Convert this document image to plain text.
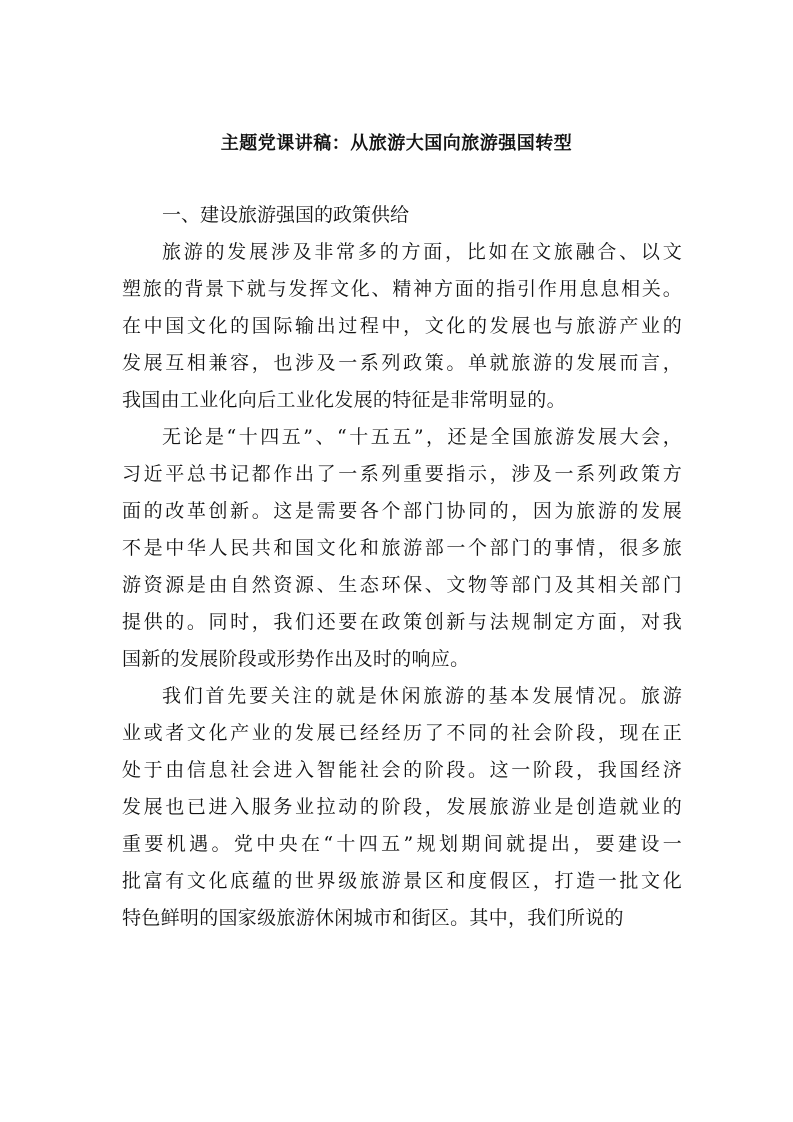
主题党课讲稿：从旅游大国向旅游强国转型
一、建设旅游强国的政策供给
旅游的发展涉及非常多的方面，比如在文旅融合、以文
塑旅的背景下就与发挥文化、精神方面的指引作用息息相关。
在中国文化的国际输出过程中，文化的发展也与旅游产业的
发展互相兼容，也涉及一系列政策。单就旅游的发展而言，
我国由工业化向后工业化发展的特征是非常明显的。
无论是“十四五”、“十五五”，还是全国旅游发展大会，
习近平总书记都作出了一系列重要指示，涉及一系列政策方
面的改革创新。这是需要各个部门协同的，因为旅游的发展
不是中华人民共和国文化和旅游部一个部门的事情，很多旅
游资源是由自然资源、生态环保、文物等部门及其相关部门
提供的。同时，我们还要在政策创新与法规制定方面，对我
国新的发展阶段或形势作出及时的响应。
我们首先要关注的就是休闲旅游的基本发展情况。旅游
业或者文化产业的发展已经经历了不同的社会阶段，现在正
处于由信息社会进入智能社会的阶段。这一阶段，我国经济
发展也已进入服务业拉动的阶段，发展旅游业是创造就业的
重要机遇。党中央在“十四五”规划期间就提出，要建设一
批富有文化底蕴的世界级旅游景区和度假区，打造一批文化
特色鲜明的国家级旅游休闲城市和街区。其中，我们所说的
